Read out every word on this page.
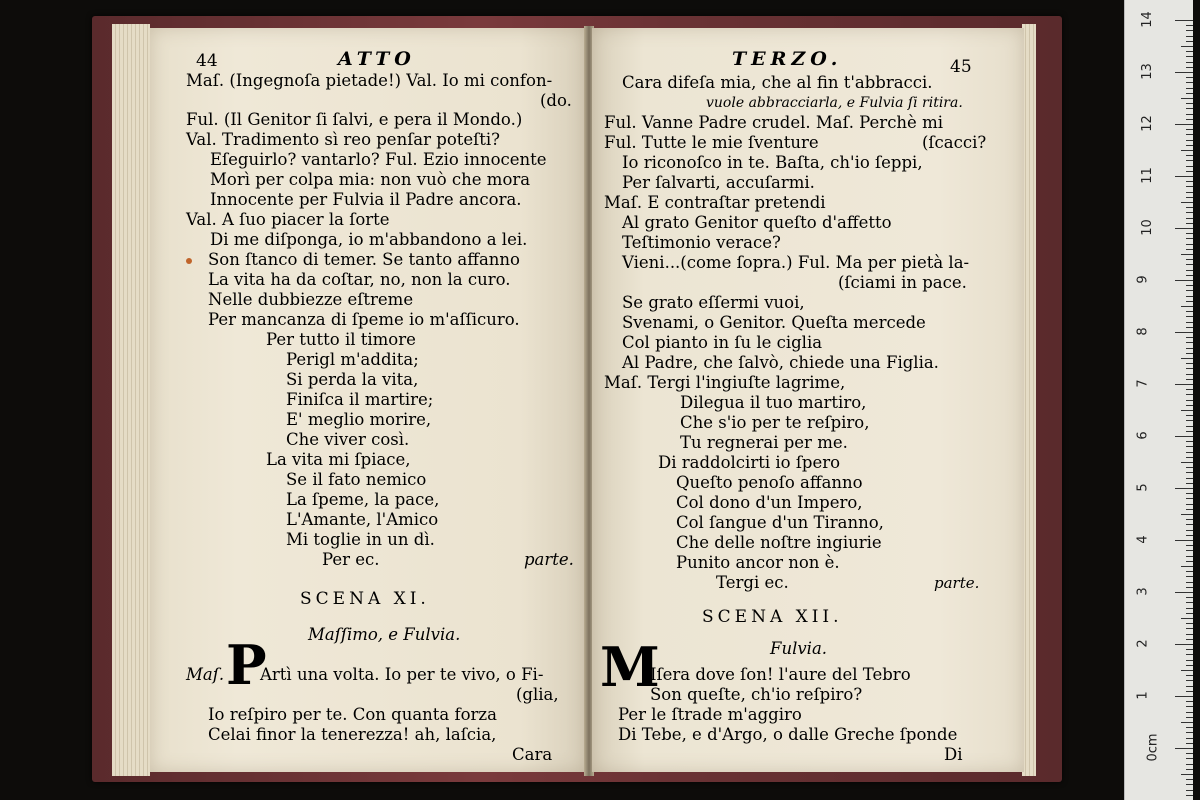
44	ATTO
Maſ. (Ingegnoſa pietade!) Val. Io mi confon-
(do.
Ful. (Il Genitor ſi ſalvi, e pera il Mondo.)
Val. Tradimento sì reo penſar poteſti?
Eſeguirlo? vantarlo? Ful. Ezio innocente
Morì per colpa mia: non vuò che mora
Innocente per Fulvia il Padre ancora.
Val. A ſuo piacer la ſorte
Di me diſponga, io m'abbandono a lei.
Son ſtanco di temer. Se tanto affanno
La vita ha da coſtar, no, non la curo.
Nelle dubbiezze eſtreme
Per mancanza di ſpeme io m'aſſicuro.
Per tutto il timore
Perigl m'addita;
Si perda la vita,
Finiſca il martire;
E' meglio morire,
Che viver così.
La vita mi ſpiace,
Se il fato nemico
La ſpeme, la pace,
L'Amante, l'Amico
Mi toglie in un dì.
Per ec.	parte.
SCENA XI.
Maſſimo, e Fulvia.
Maſ. P
Artì una volta. Io per te vivo, o Fi-
(glia,
Io reſpiro per te. Con quanta forza
Celai finor la tenerezza! ah, laſcia,
Cara
TERZO.	45
Cara difeſa mia, che al fin t'abbracci.
vuole abbracciarla, e Fulvia ſi ritira.
Ful. Vanne Padre crudel. Maſ. Perchè mi
Ful. Tutte le mie ſventure	(ſcacci?
Io riconoſco in te. Baſta, ch'io ſeppi,
Per ſalvarti, accuſarmi.
Maſ. E contraſtar pretendi
Al grato Genitor queſto d'affetto
Teſtimonio verace?
Vieni...(come ſopra.) Ful. Ma per pietà la-
(ſciami in pace.
Se grato eſſermi vuoi,
Svenami, o Genitor. Queſta mercede
Col pianto in ſu le ciglia
Al Padre, che ſalvò, chiede una Figlia.
Maſ. Tergi l'ingiuſte lagrime,
Dilegua il tuo martiro,
Che s'io per te reſpiro,
Tu regnerai per me.
Di raddolcirti io ſpero
Queſto penoſo affanno
Col dono d'un Impero,
Col ſangue d'un Tiranno,
Che delle noſtre ingiurie
Punito ancor non è.
Tergi ec.	parte.
SCENA XII.
Fulvia.
M
Iſera dove ſon! l'aure del Tebro
Son queſte, ch'io reſpiro?
Per le ſtrade m'aggiro
Di Tebe, e d'Argo, o dalle Greche ſponde
Di
14
13
12
11
10
9
8
7
6
5
4
3
2
1
0cm
